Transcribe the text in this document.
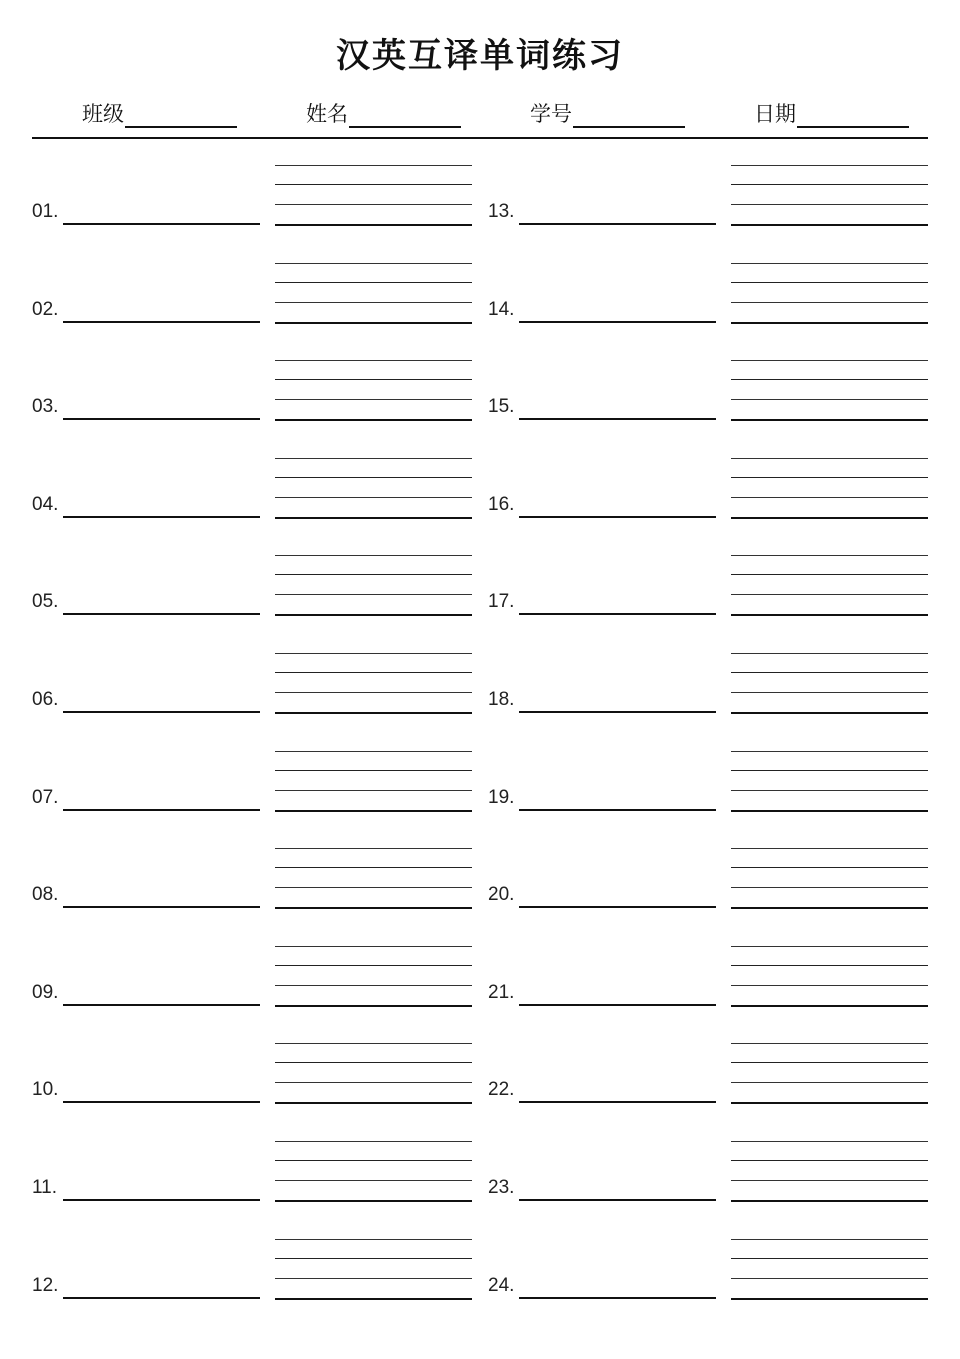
汉英互译单词练习
班级	姓名	学号	日期
01.	13.
02.	14.
03.	15.
04.	16.
05.	17.
06.	18.
07.	19.
08.	20.
09.	21.
10.	22.
11.	23.
12.	24.
